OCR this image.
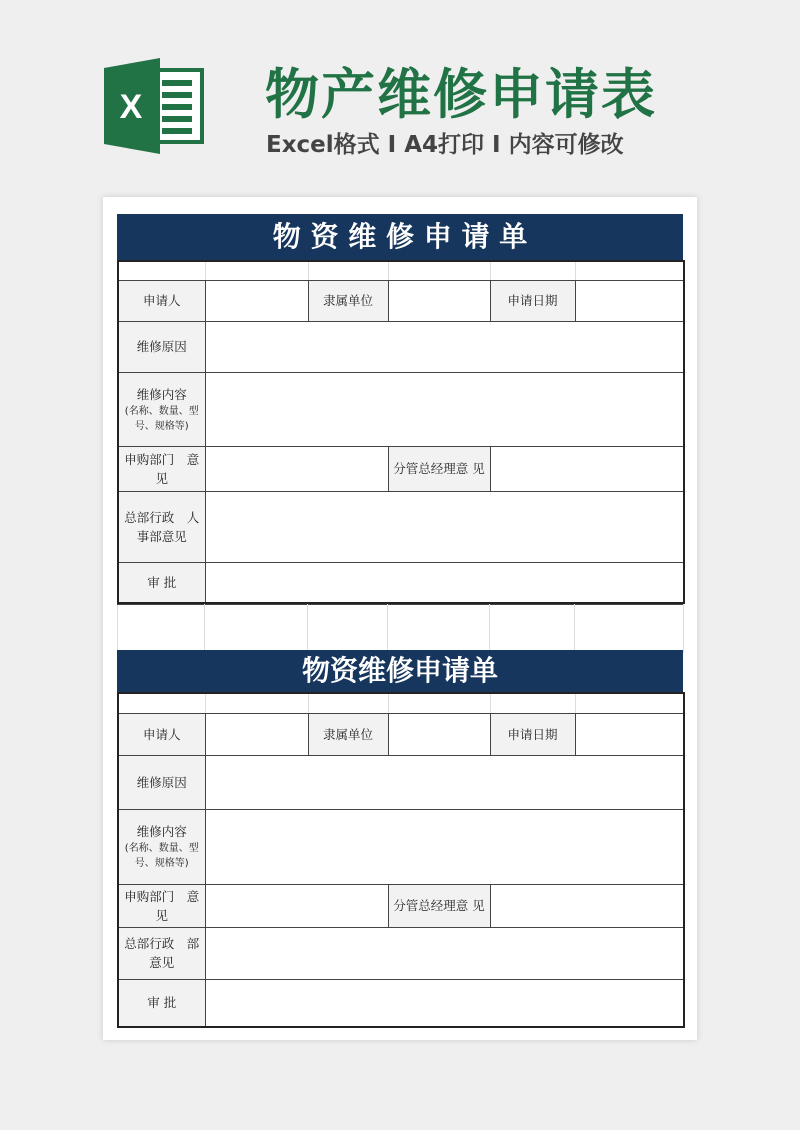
X 物产维修申请表
Excel格式 I A4打印 I 内容可修改
物 资 维 修 申 请 单

申请人		隶属单位		申请日期	
维修原因					
维修内容
(名称、数量、型号、规格等)					

申购部门　意见			分管总经理意 见		
总部行政　人事部意见					
审 批					

物资维修申请单

申请人		隶属单位		申请日期	
维修原因					
维修内容
(名称、数量、型号、规格等)					

申购部门　意见			分管总经理意 见		
总部行政　部意见					
审 批					
